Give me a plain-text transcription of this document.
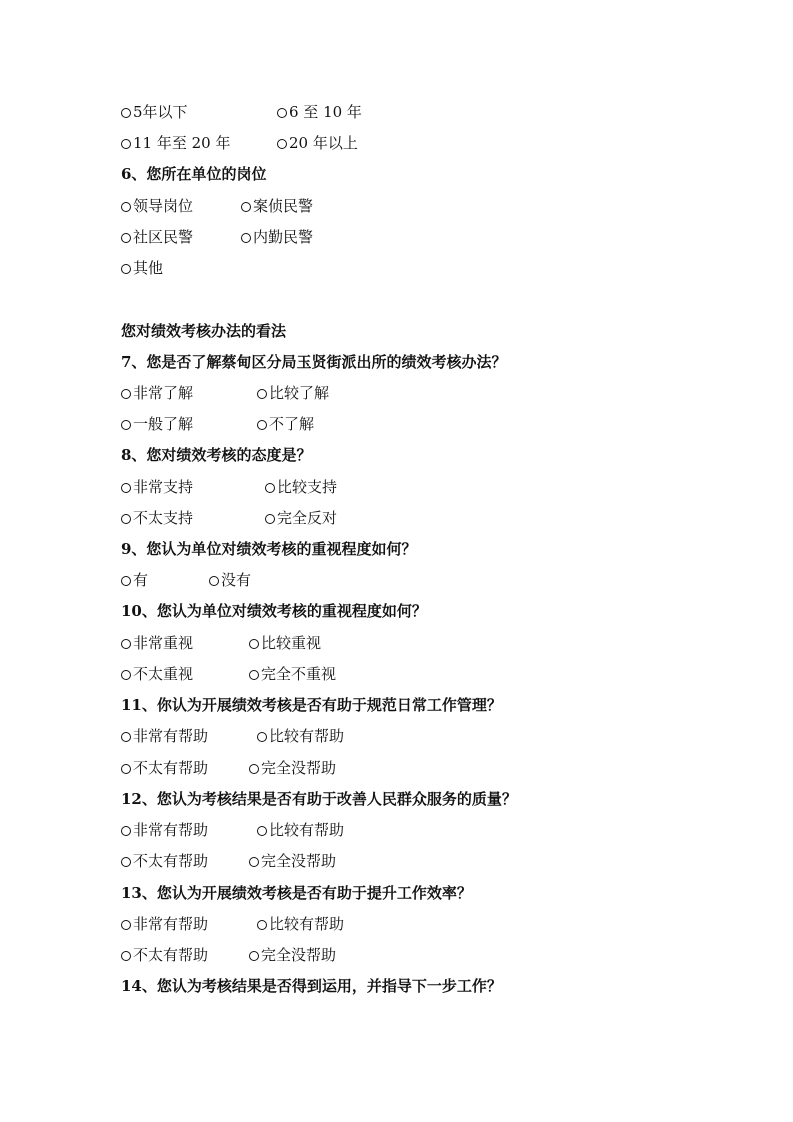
5年以下	6 至 10 年
11 年至 20 年	20 年以上
6、您所在单位的岗位
领导岗位	案侦民警
社区民警	内勤民警
其他
您对绩效考核办法的看法
7、您是否了解蔡甸区分局玉贤街派出所的绩效考核办法？
非常了解	比较了解
一般了解	不了解
8、您对绩效考核的态度是？
非常支持	比较支持
不太支持	完全反对
9、您认为单位对绩效考核的重视程度如何？
有	没有
10、您认为单位对绩效考核的重视程度如何？
非常重视	比较重视
不太重视	完全不重视
11、你认为开展绩效考核是否有助于规范日常工作管理？
非常有帮助	比较有帮助
不太有帮助	完全没帮助
12、您认为考核结果是否有助于改善人民群众服务的质量？
非常有帮助	比较有帮助
不太有帮助	完全没帮助
13、您认为开展绩效考核是否有助于提升工作效率？
非常有帮助	比较有帮助
不太有帮助	完全没帮助
14、您认为考核结果是否得到运用，并指导下一步工作？
